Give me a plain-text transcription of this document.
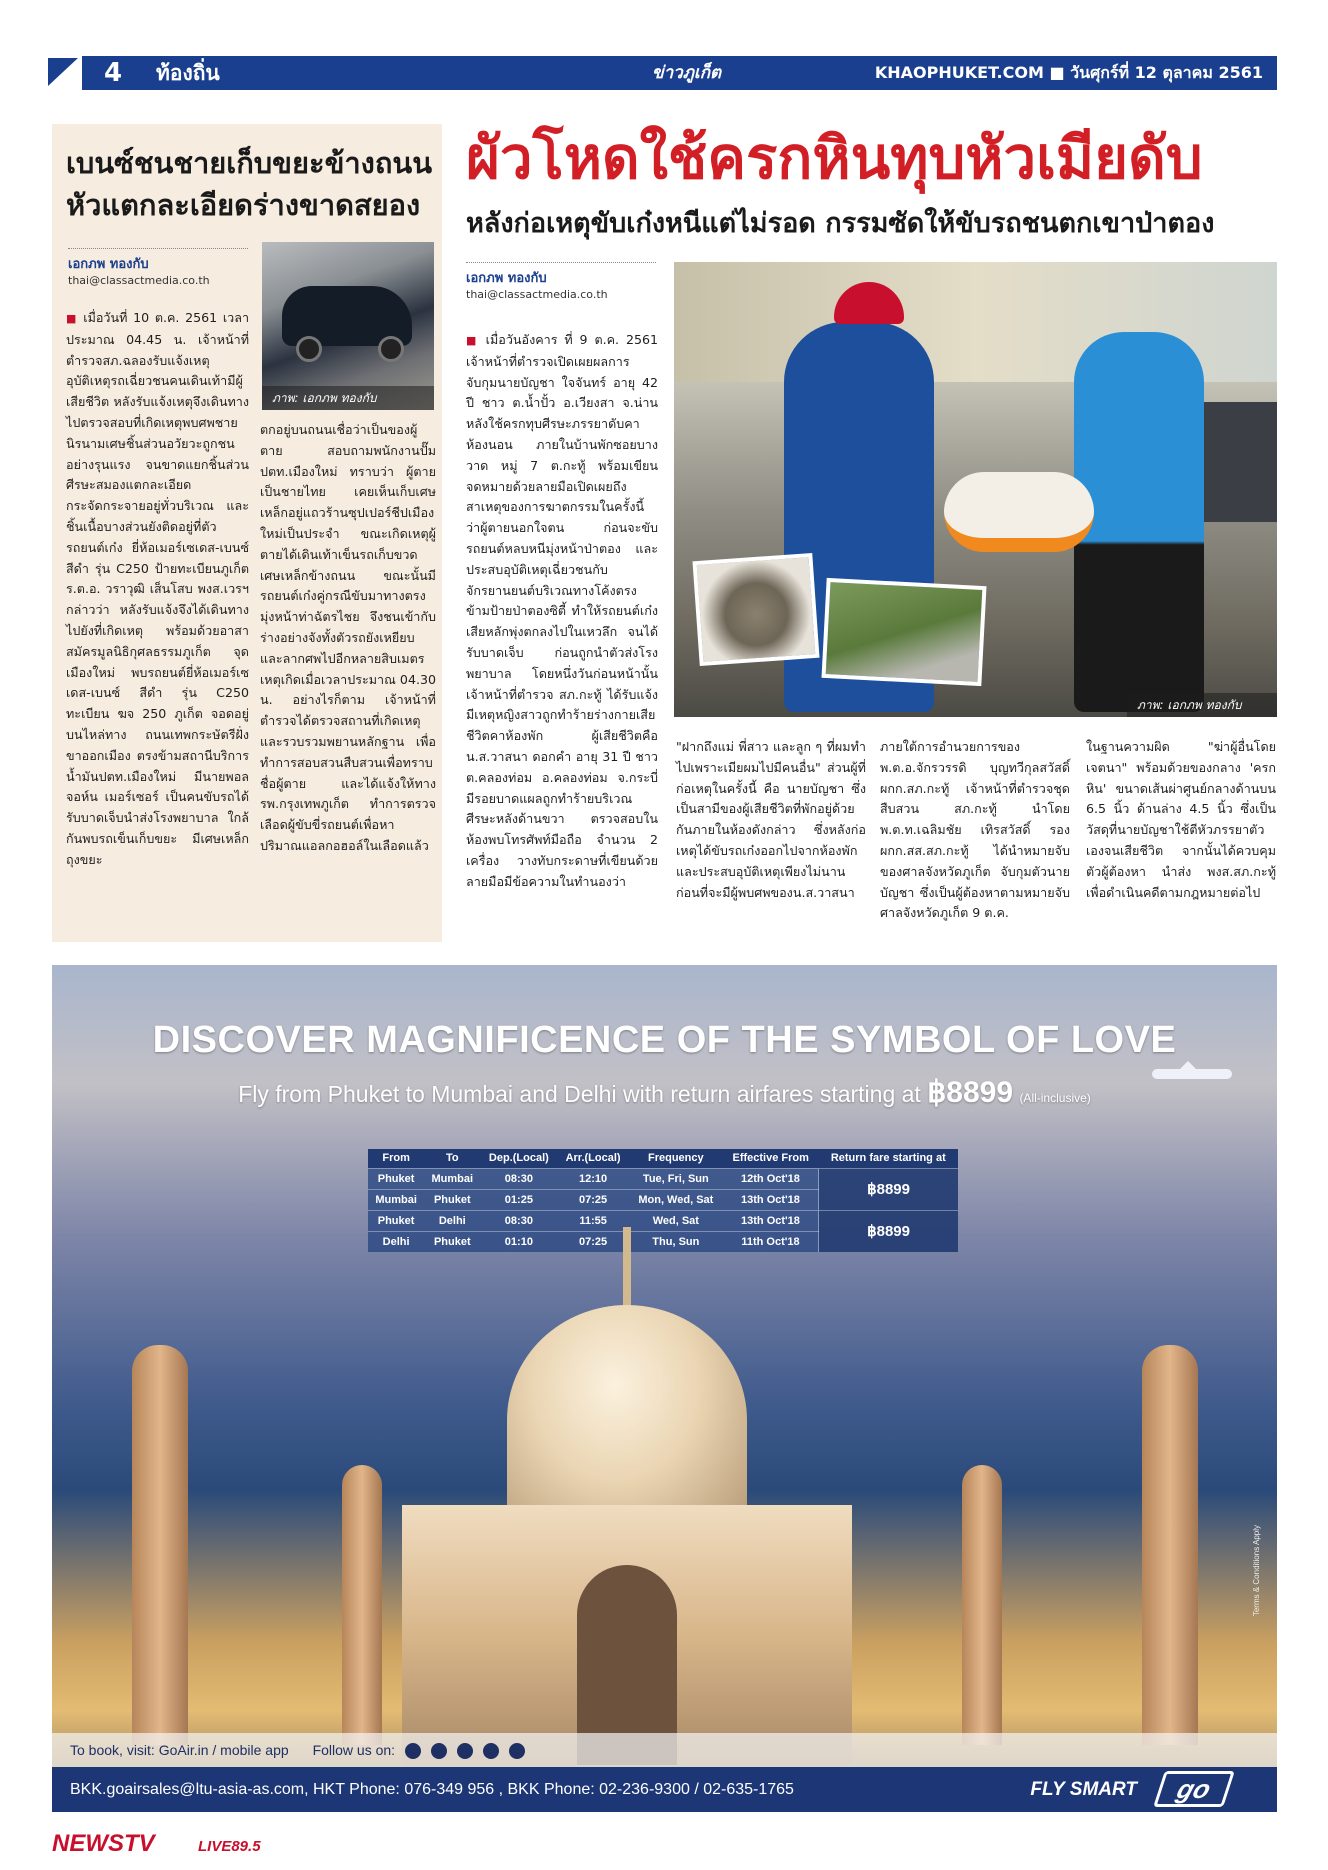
4 ท้องถิ่น	ข่าวภูเก็ต	KHAOPHUKET.COM ■ วันศุกร์ที่ 12 ตุลาคม 2561
เบนซ์ชนชายเก็บขยะข้างถนน หัวแตกละเอียดร่างขาดสยอง
เอกภพ ทองกับ
thai@classactmedia.co.th
ภาพ: เอกภพ ทองกับ
■ เมื่อวันที่ 10 ต.ค. 2561 เวลาประมาณ 04.45 น. เจ้าหน้าที่ตำรวจสภ.ฉลองรับแจ้งเหตุอุบัติเหตุรถเฉี่ยวชนคนเดินเท้ามีผู้เสียชีวิต หลังรับแจ้งเหตุจึงเดินทางไปตรวจสอบที่เกิดเหตุพบศพชายนิรนามเศษชิ้นส่วนอวัยวะถูกชนอย่างรุนแรง จนขาดแยกชิ้นส่วน ศีรษะสมองแตกละเอียดกระจัดกระจายอยู่ทั่วบริเวณ และชิ้นเนื้อบางส่วนยังติดอยู่ที่ตัวรถยนต์เก๋ง ยี่ห้อเมอร์เซเดส-เบนซ์ สีดำ รุ่น C250 ป้ายทะเบียนภูเก็ต ร.ต.อ. วราวุฒิ เส็นโสบ พงส.เวรฯ กล่าวว่า หลังรับแจ้งจึงได้เดินทางไปยังที่เกิดเหตุ พร้อมด้วยอาสาสมัครมูลนิธิกุศลธรรมภูเก็ต จุดเมืองใหม่ พบรถยนต์ยี่ห้อเมอร์เซเดส-เบนซ์ สีดำ รุ่น C250 ทะเบียน ฆจ 250 ภูเก็ต จอดอยู่บนไหล่ทาง ถนนเทพกระษัตรีฝั่งขาออกเมือง ตรงข้ามสถานีบริการน้ำมันปตท.เมืองใหม่ มีนายพอล จอห์น เมอร์เซอร์ เป็นคนขับรถได้รับบาดเจ็บนำส่งโรงพยาบาล ใกล้กันพบรถเข็นเก็บขยะ มีเศษเหล็กถุงขยะ
ตกอยู่บนถนนเชื่อว่าเป็นของผู้ตาย สอบถามพนักงานปั๊มปตท.เมืองใหม่ ทราบว่า ผู้ตายเป็นชายไทย เคยเห็นเก็บเศษเหล็กอยู่แถวร้านซุปเปอร์ชีปเมืองใหม่เป็นประจำ ขณะเกิดเหตุผู้ตายได้เดินเท้าเข็นรถเก็บขวดเศษเหล็กข้างถนน ขณะนั้นมีรถยนต์เก๋งคู่กรณีขับมาทางตรงมุ่งหน้าท่าฉัตรไชย จึงชนเข้ากับร่างอย่างจังทั้งตัวรถยังเหยียบและลากศพไปอีกหลายสิบเมตร เหตุเกิดเมื่อเวลาประมาณ 04.30 น. อย่างไรก็ตาม เจ้าหน้าที่ตำรวจได้ตรวจสถานที่เกิดเหตุและรวบรวมพยานหลักฐาน เพื่อทำการสอบสวนสืบสวนเพื่อทราบชื่อผู้ตาย และได้แจ้งให้ทางรพ.กรุงเทพภูเก็ต ทำการตรวจเลือดผู้ขับขี่รถยนต์เพื่อหาปริมาณแอลกอฮอล์ในเลือดแล้ว
ผัวโหดใช้ครกหินทุบหัวเมียดับ
หลังก่อเหตุขับเก๋งหนีแต่ไม่รอด กรรมซัดให้ขับรถชนตกเขาป่าตอง
เอกภพ ทองกับ
thai@classactmedia.co.th
ภาพ: เอกภพ ทองกับ
■ เมื่อวันอังคาร ที่ 9 ต.ค. 2561 เจ้าหน้าที่ตำรวจเปิดเผยผลการจับกุมนายบัญชา ใจจันทร์ อายุ 42 ปี ชาว ต.น้ำปั้ว อ.เวียงสา จ.น่าน หลังใช้ครกทุบศีรษะภรรยาดับคาห้องนอน ภายในบ้านพักซอยบางวาด หมู่ 7 ต.กะทู้ พร้อมเขียนจดหมายด้วยลายมือเปิดเผยถึงสาเหตุของการฆาตกรรมในครั้งนี้ว่าผู้ตายนอกใจตน ก่อนจะขับรถยนต์หลบหนีมุ่งหน้าป่าตอง และประสบอุบัติเหตุเฉี่ยวชนกับจักรยานยนต์บริเวณทางโค้งตรงข้ามป้ายป่าตองซิตี้ ทำให้รถยนต์เก๋งเสียหลักพุ่งตกลงไปในเหวลึก จนได้รับบาดเจ็บ ก่อนถูกนำตัวส่งโรงพยาบาล โดยหนึ่งวันก่อนหน้านั้นเจ้าหน้าที่ตำรวจ สภ.กะทู้ ได้รับแจ้งมีเหตุหญิงสาวถูกทำร้ายร่างกายเสียชีวิตคาห้องพัก ผู้เสียชีวิตคือ น.ส.วาสนา ดอกคำ อายุ 31 ปี ชาว ต.คลองท่อม อ.คลองท่อม จ.กระบี่ มีรอยบาดแผลถูกทำร้ายบริเวณศีรษะหลังด้านขวา ตรวจสอบในห้องพบโทรศัพท์มือถือ จำนวน 2 เครื่อง วางทับกระดาษที่เขียนด้วยลายมือมีข้อความในทำนองว่า
"ฝากถึงแม่ พี่สาว และลูก ๆ ที่ผมทำไปเพราะเมียผมไปมีคนอื่น" ส่วนผู้ที่ก่อเหตุในครั้งนี้ คือ นายบัญชา ซึ่งเป็นสามีของผู้เสียชีวิตที่พักอยู่ด้วยกันภายในห้องดังกล่าว ซึ่งหลังก่อเหตุได้ขับรถเก๋งออกไปจากห้องพักและประสบอุบัติเหตุเพียงไม่นานก่อนที่จะมีผู้พบศพของน.ส.วาสนา
ภายใต้การอำนวยการของ พ.ต.อ.จักรวรรดิ บุญทวีกุลสวัสดิ์ ผกก.สภ.กะทู้ เจ้าหน้าที่ตำรวจชุดสืบสวน สภ.กะทู้ นำโดย พ.ต.ท.เฉลิมชัย เทิรสวัสดิ์ รอง ผกก.สส.สภ.กะทู้ ได้นำหมายจับของศาลจังหวัดภูเก็ต จับกุมตัวนายบัญชา ซึ่งเป็นผู้ต้องหาตามหมายจับศาลจังหวัดภูเก็ต 9 ต.ค.
ในฐานความผิด "ฆ่าผู้อื่นโดยเจตนา" พร้อมด้วยของกลาง 'ครกหิน' ขนาดเส้นผ่าศูนย์กลางด้านบน 6.5 นิ้ว ด้านล่าง 4.5 นิ้ว ซึ่งเป็นวัสดุที่นายบัญชาใช้ตีหัวภรรยาตัวเองจนเสียชีวิต จากนั้นได้ควบคุมตัวผู้ต้องหา นำส่ง พงส.สภ.กะทู้ เพื่อดำเนินคดีตามกฎหมายต่อไป
DISCOVER MAGNIFICENCE OF THE SYMBOL OF LOVE
Fly from Phuket to Mumbai and Delhi with return airfares starting at ฿8899 (All-inclusive)
From	To	Dep.(Local)	Arr.(Local)	Frequency	Effective From	Return fare starting at
Phuket	Mumbai	08:30	12:10	Tue, Fri, Sun	12th Oct'18	฿8899
Mumbai	Phuket	01:25	07:25	Mon, Wed, Sat	13th Oct'18	
Phuket	Delhi	08:30	11:55	Wed, Sat	13th Oct'18	฿8899
Delhi	Phuket	01:10	07:25	Thu, Sun	11th Oct'18	
Terms & Conditions Apply
To book, visit: GoAir.in / mobile app Follow us on:
BKK.goairsales@ltu-asia-as.com, HKT Phone: 076-349 956 , BKK Phone: 02-236-9300 / 02-635-1765	FLY SMART	go
NEWSTV	LIVE89.5
